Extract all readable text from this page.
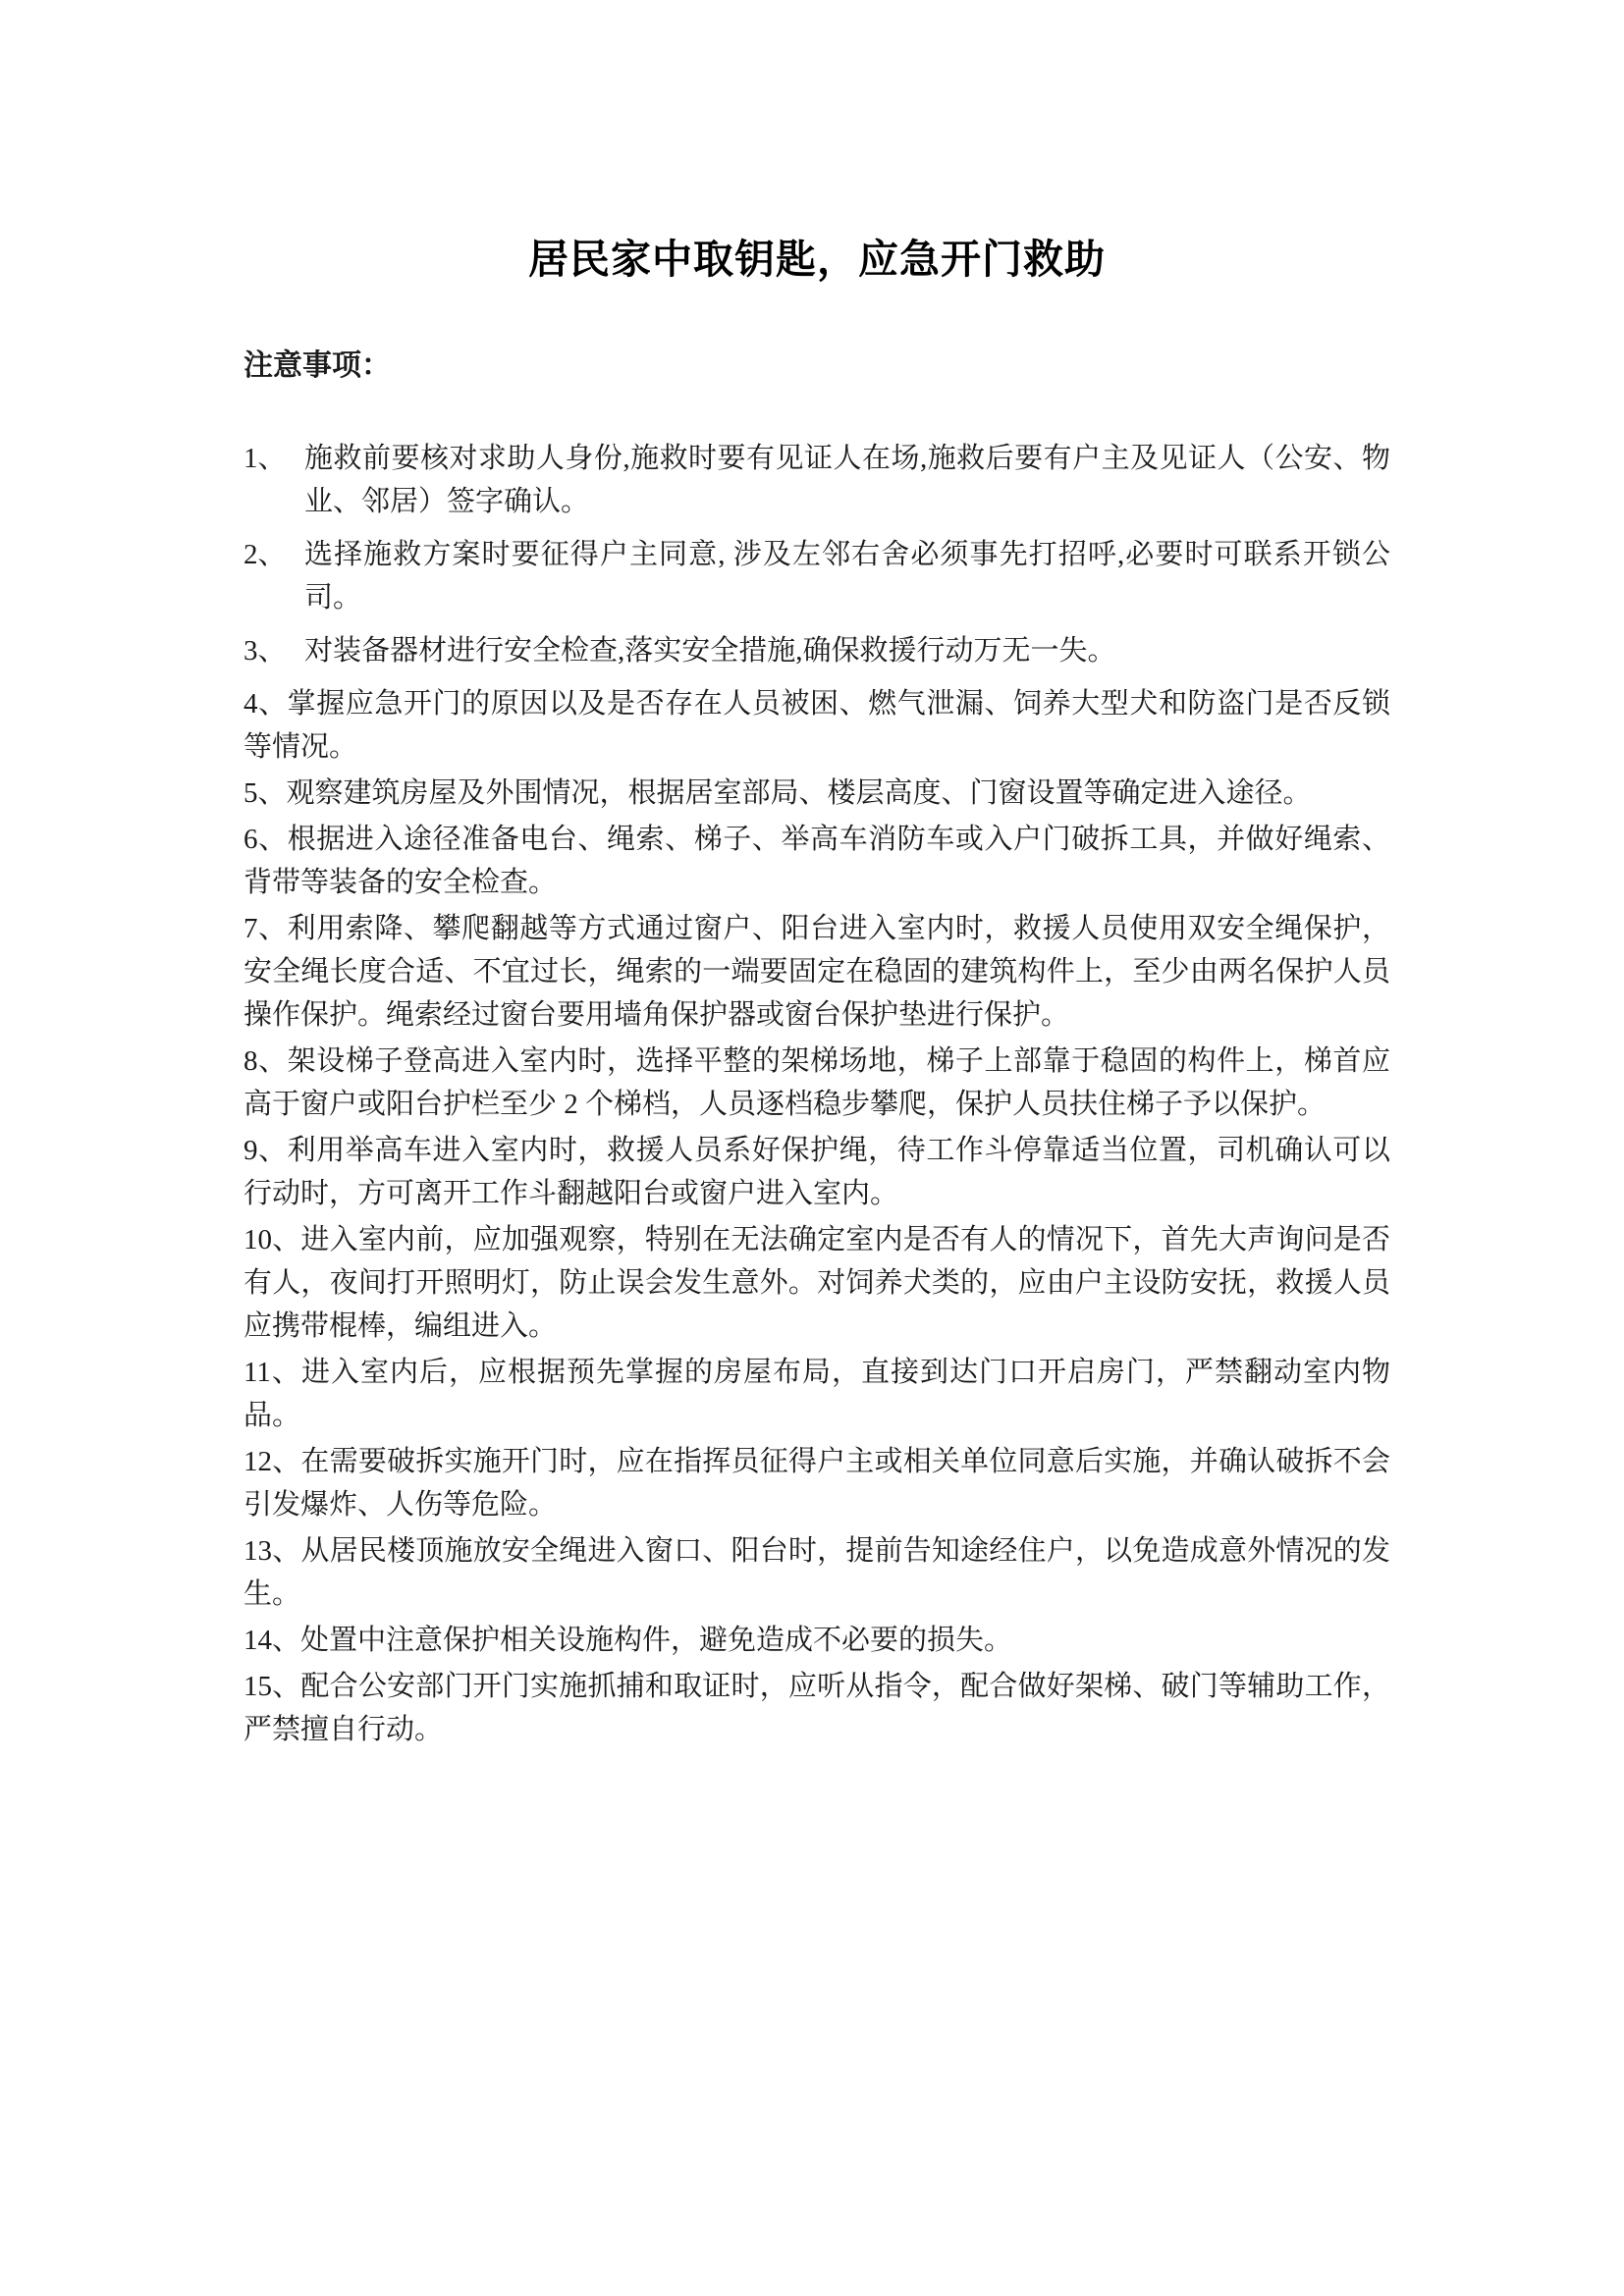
居民家中取钥匙，应急开门救助
注意事项：
1、 施救前要核对求助人身份,施救时要有见证人在场,施救后要有户主及见证人（公安、物业、邻居）签字确认。
2、 选择施救方案时要征得户主同意, 涉及左邻右舍必须事先打招呼,必要时可联系开锁公司。
3、 对装备器材进行安全检查,落实安全措施,确保救援行动万无一失。
4、掌握应急开门的原因以及是否存在人员被困、燃气泄漏、饲养大型犬和防盗门是否反锁等情况。
5、观察建筑房屋及外围情况，根据居室部局、楼层高度、门窗设置等确定进入途径。
6、根据进入途径准备电台、绳索、梯子、举高车消防车或入户门破拆工具，并做好绳索、背带等装备的安全检查。
7、利用索降、攀爬翻越等方式通过窗户、阳台进入室内时，救援人员使用双安全绳保护，安全绳长度合适、不宜过长，绳索的一端要固定在稳固的建筑构件上，至少由两名保护人员操作保护。绳索经过窗台要用墙角保护器或窗台保护垫进行保护。
8、架设梯子登高进入室内时，选择平整的架梯场地，梯子上部靠于稳固的构件上，梯首应高于窗户或阳台护栏至少 2 个梯档，人员逐档稳步攀爬，保护人员扶住梯子予以保护。
9、利用举高车进入室内时，救援人员系好保护绳，待工作斗停靠适当位置，司机确认可以行动时，方可离开工作斗翻越阳台或窗户进入室内。
10、进入室内前，应加强观察，特别在无法确定室内是否有人的情况下，首先大声询问是否有人，夜间打开照明灯，防止误会发生意外。对饲养犬类的，应由户主设防安抚，救援人员应携带棍棒，编组进入。
11、进入室内后，应根据预先掌握的房屋布局，直接到达门口开启房门，严禁翻动室内物品。
12、在需要破拆实施开门时，应在指挥员征得户主或相关单位同意后实施，并确认破拆不会引发爆炸、人伤等危险。
13、从居民楼顶施放安全绳进入窗口、阳台时，提前告知途经住户，以免造成意外情况的发生。
14、处置中注意保护相关设施构件，避免造成不必要的损失。
15、配合公安部门开门实施抓捕和取证时，应听从指令，配合做好架梯、破门等辅助工作，严禁擅自行动。
